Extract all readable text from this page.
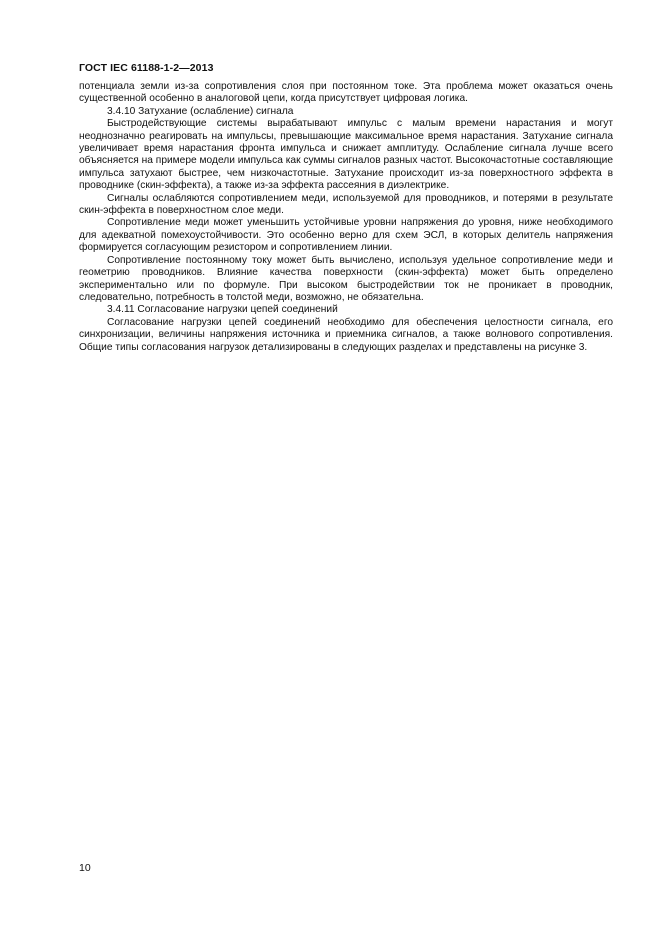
ГОСТ IEC 61188-1-2—2013

потенциала земли из-за сопротивления слоя при постоянном токе. Эта проблема может оказаться очень существенной особенно в аналоговой цепи, когда присутствует цифровая логика.

3.4.10 Затухание (ослабление) сигнала

Быстродействующие системы вырабатывают импульс с малым времени нарастания и могут неоднозначно реагировать на импульсы, превышающие максимальное время нарастания. Затухание сигнала увеличивает время нарастания фронта импульса и снижает амплитуду. Ослабление сигнала лучше всего объясняется на примере модели импульса как суммы сигналов разных частот. Высокочастотные составляющие импульса затухают быстрее, чем низкочастотные. Затухание происходит из-за поверхностного эффекта в проводнике (скин-эффекта), а также из-за эффекта рассеяния в диэлектрике.

Сигналы ослабляются сопротивлением меди, используемой для проводников, и потерями в результате скин-эффекта в поверхностном слое меди.

Сопротивление меди может уменьшить устойчивые уровни напряжения до уровня, ниже необходимого для адекватной помехоустойчивости. Это особенно верно для схем ЭСЛ, в которых делитель напряжения формируется согласующим резистором и сопротивлением линии.

Сопротивление постоянному току может быть вычислено, используя удельное сопротивление меди и геометрию проводников. Влияние качества поверхности (скин-эффекта) может быть определено экспериментально или по формуле. При высоком быстродействии ток не проникает в проводник, следовательно, потребность в толстой меди, возможно, не обязательна.

3.4.11 Согласование нагрузки цепей соединений

Согласование нагрузки цепей соединений необходимо для обеспечения целостности сигнала, его синхронизации, величины напряжения источника и приемника сигналов, а также волнового сопротивления. Общие типы согласования нагрузок детализированы в следующих разделах и представлены на рисунке 3.

10
